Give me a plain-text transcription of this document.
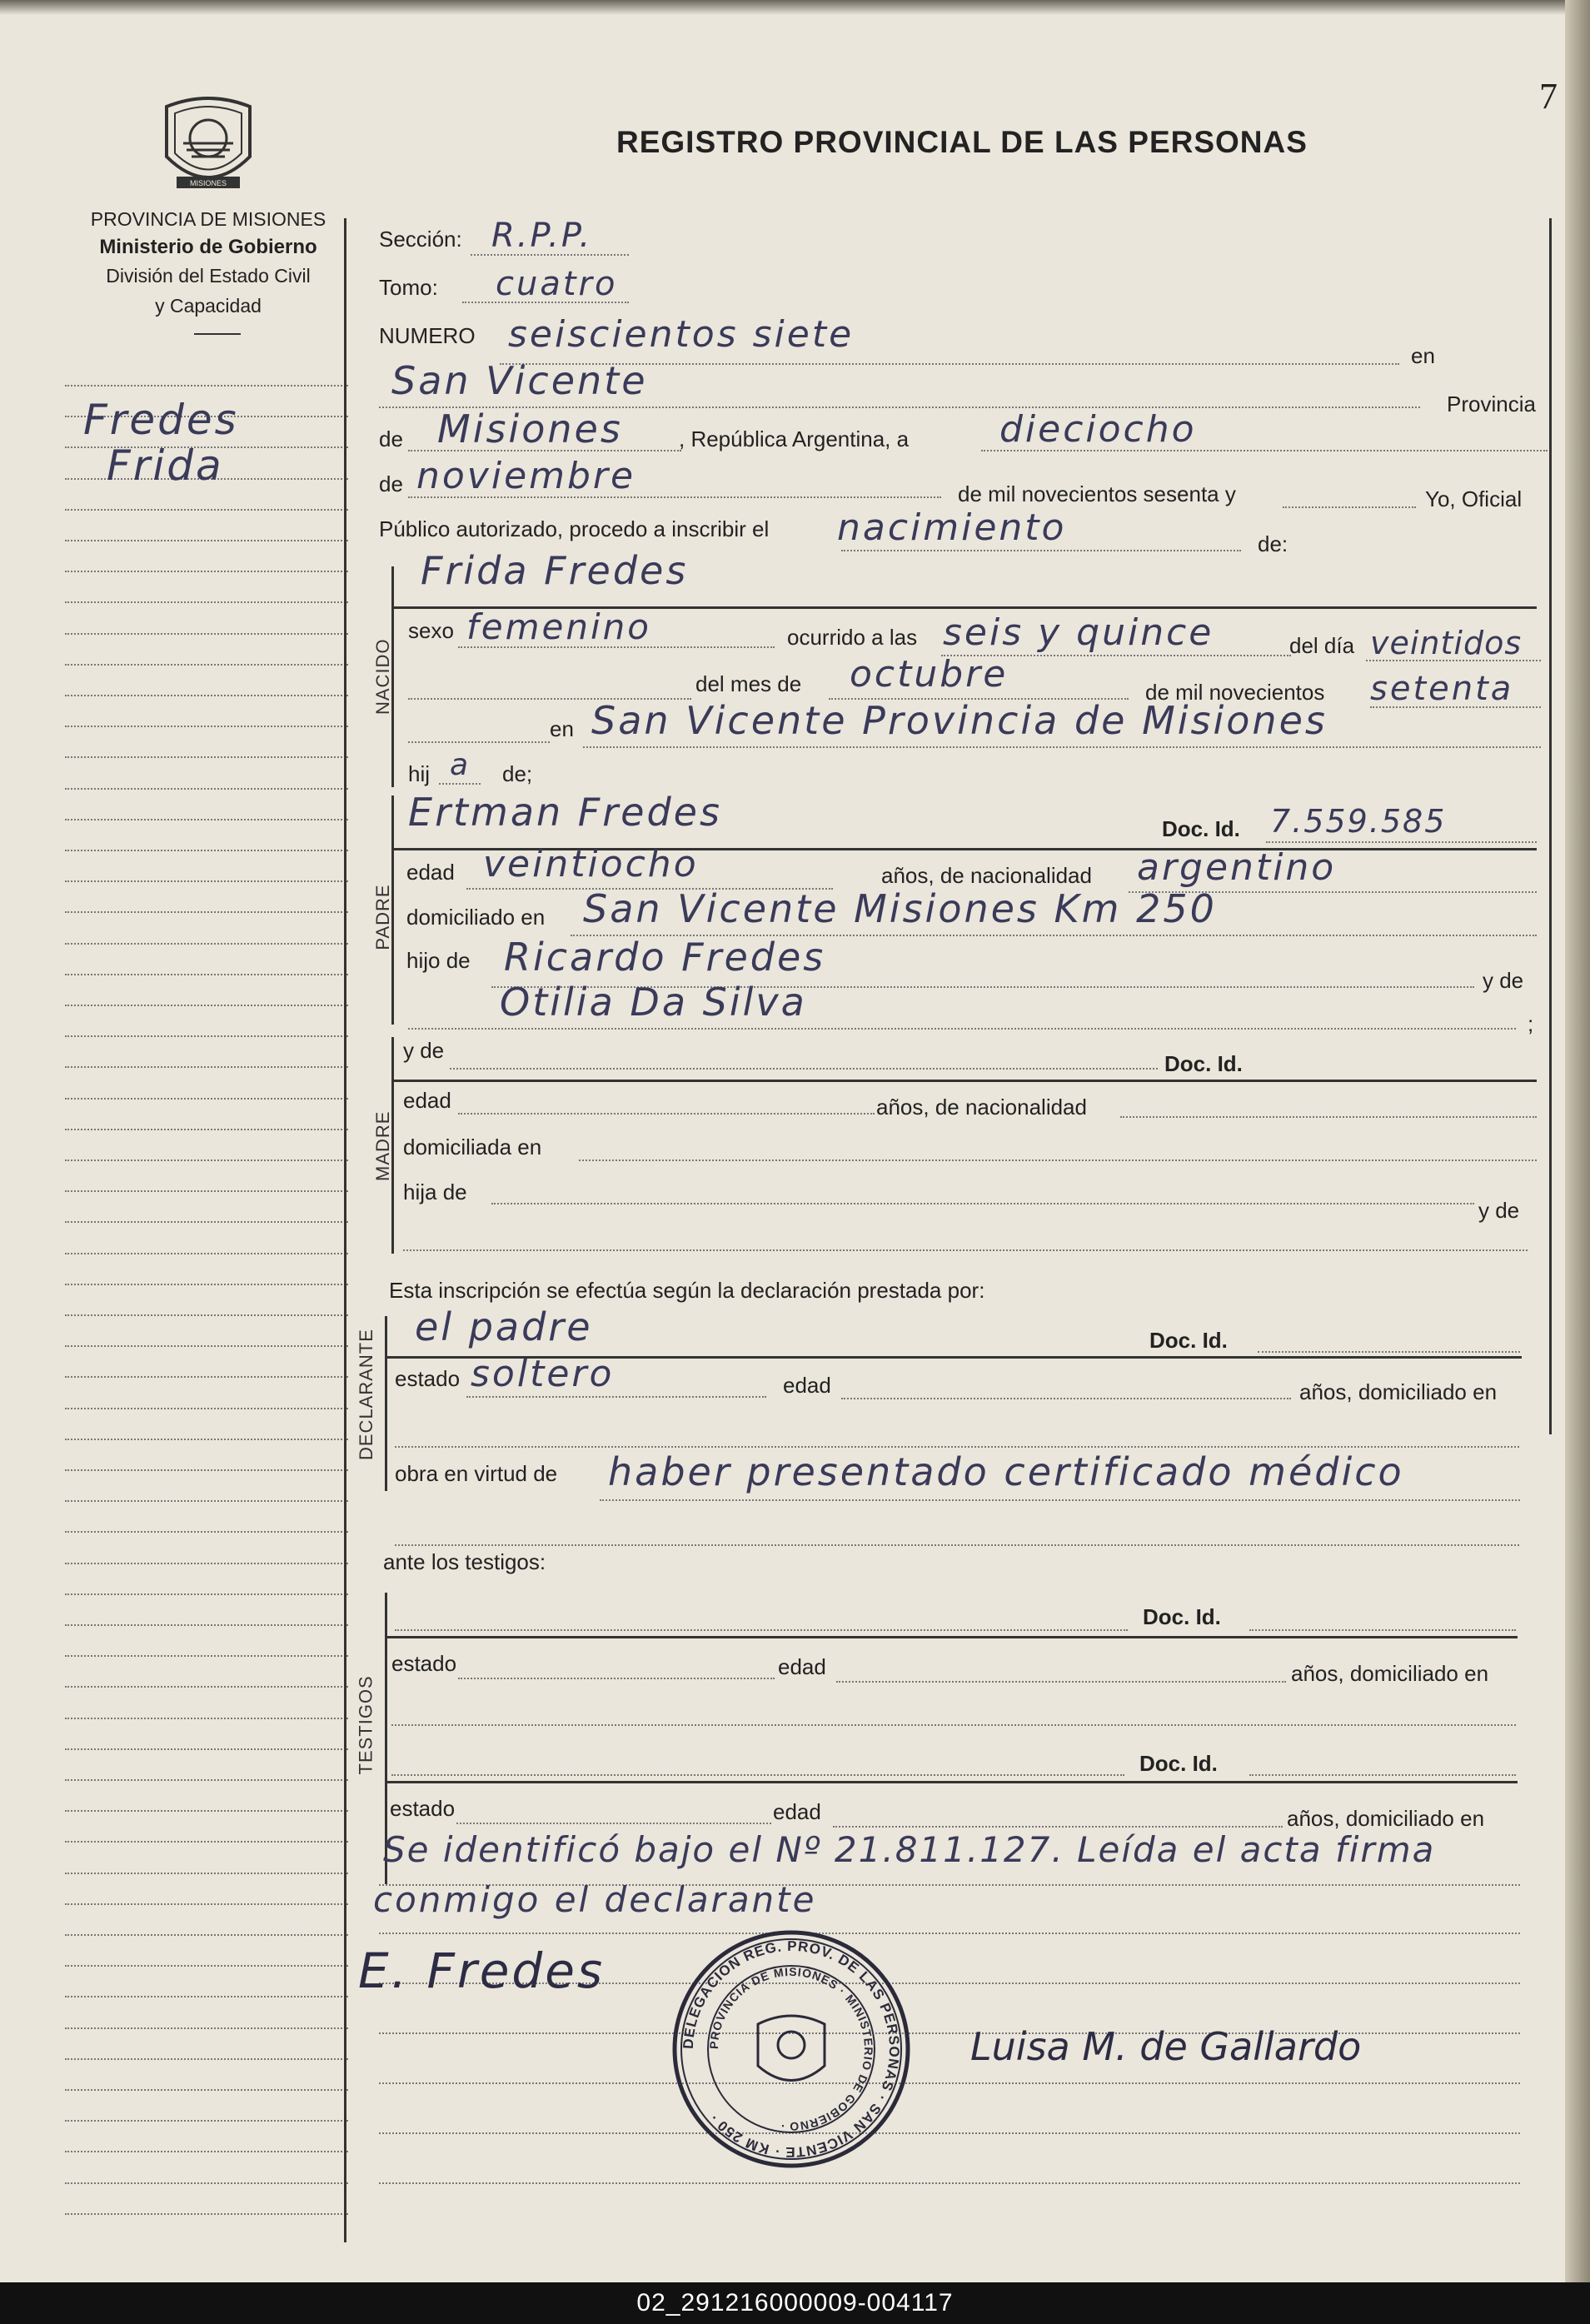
7
MISIONES
PROVINCIA DE MISIONES
Ministerio de Gobierno
División del Estado Civil
y Capacidad
REGISTRO PROVINCIAL DE LAS PERSONAS
Fredes
Frida
Sección: R.P.P.
Tomo: cuatro
NUMERO seiscientos siete	en
San Vicente
Provincia
de Misiones	, República Argentina, a dieciocho
de noviembre	de mil novecientos sesenta y	Yo, Oficial
Público autorizado, procedo a inscribir el nacimiento	de:
NACIDO
Frida Fredes
sexo femenino	ocurrido a las seis y quince	del día veintidos
del mes de octubre	de mil novecientos setenta
en San Vicente Provincia de Misiones
hij a de;
PADRE
Ertman Fredes	Doc. Id. 7.559.585
edad veintiocho	años, de nacionalidad argentino
domiciliado en San Vicente Misiones Km 250
hijo de Ricardo Fredes
y de
Otilia Da Silva	;
MADRE
y de
Doc. Id.
edad	años, de nacionalidad
domiciliada en
hija de
y de
Esta inscripción se efectúa según la declaración prestada por:
DECLARANTE
el padre	Doc. Id.
estado soltero	edad	años, domiciliado en
obra en virtud de haber presentado certificado médico
ante los testigos:
TESTIGOS
Doc. Id.
estado	edad	años, domiciliado en
Doc. Id.
estado	edad	años, domiciliado en
Se identificó bajo el Nº 21.811.127. Leída el acta firma
conmigo el declarante
E. Fredes
Luisa M. de Gallardo
DELEGACION REG. PROV. DE LAS PERSONAS · SAN VICENTE · KM 250 ·
PROVINCIA DE MISIONES · MINISTERIO DE GOBIERNO ·
02_291216000009-004117
